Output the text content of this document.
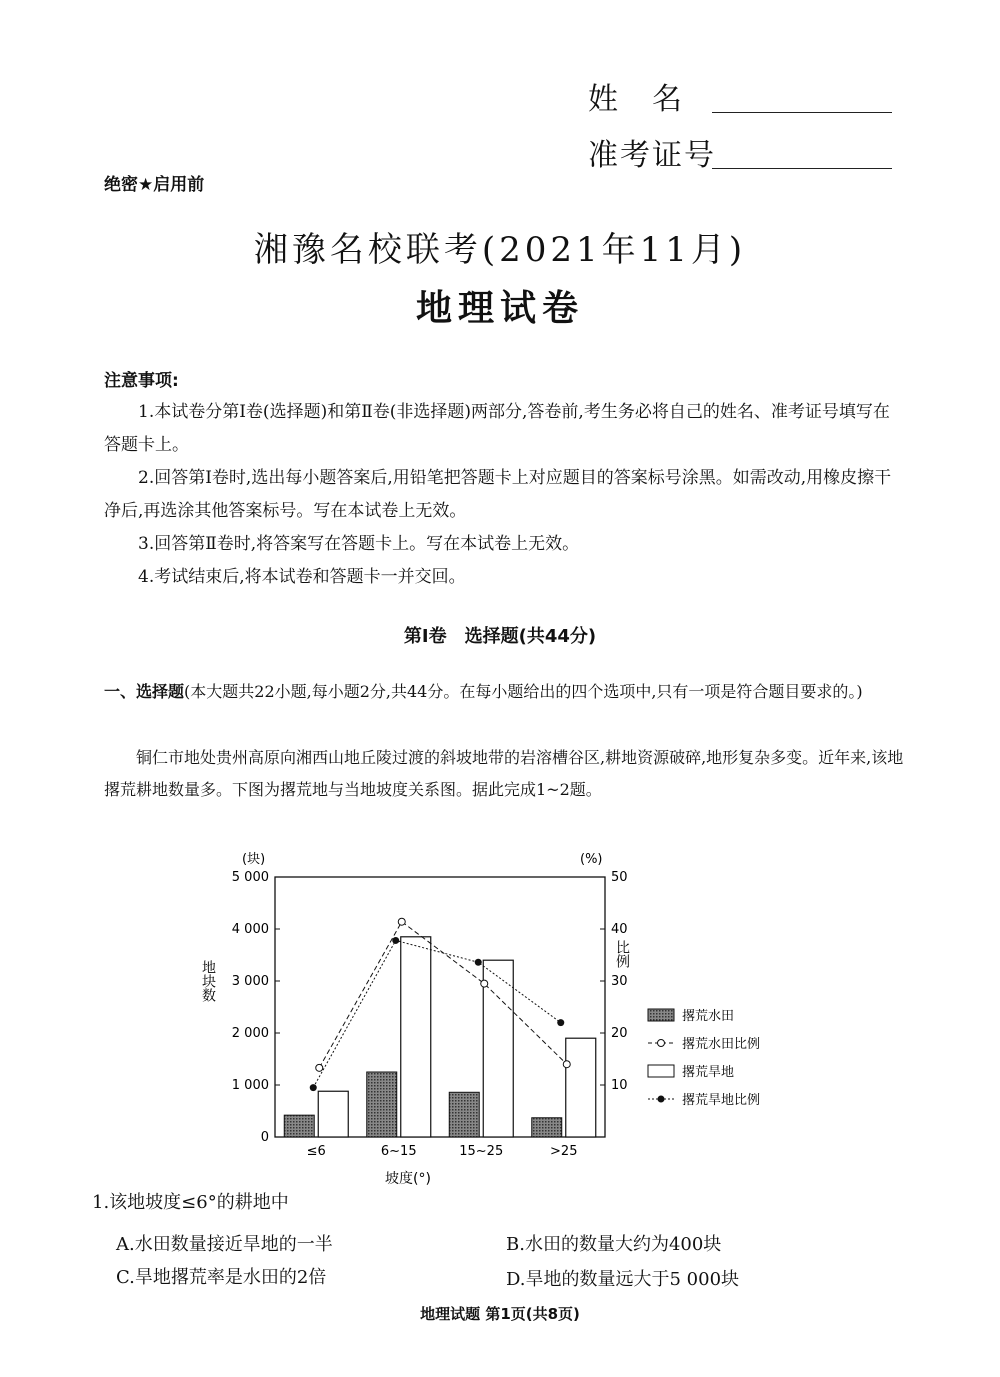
姓　名
准考证号
绝密★启用前
湘豫名校联考(2021年11月)
地理试卷
注意事项:

1.本试卷分第Ⅰ卷(选择题)和第Ⅱ卷(非选择题)两部分,答卷前,考生务必将自己的姓名、准考证号填写在答题卡上。

2.回答第Ⅰ卷时,选出每小题答案后,用铅笔把答题卡上对应题目的答案标号涂黑。如需改动,用橡皮擦干净后,再选涂其他答案标号。写在本试卷上无效。

3.回答第Ⅱ卷时,将答案写在答题卡上。写在本试卷上无效。

4.考试结束后,将本试卷和答题卡一并交回。

第Ⅰ卷　选择题(共44分)
一、选择题(本大题共22小题,每小题2分,共44分。在每小题给出的四个选项中,只有一项是符合题目要求的。)

铜仁市地处贵州高原向湘西山地丘陵过渡的斜坡地带的岩溶槽谷区,耕地资源破碎,地形复杂多变。近年来,该地撂荒耕地数量多。下图为撂荒地与当地坡度关系图。据此完成1~2题。

(块)	(%)
地块数
比例
坡度(°)
0
1 000
2 000
3 000
4 000
5 000
10
20
30
40
50
≤6	6~15	15~25	>25
撂荒水田
撂荒水田比例
撂荒旱地
撂荒旱地比例
1.该地坡度≤6°的耕地中
A.水田数量接近旱地的一半	B.水田的数量大约为400块
C.旱地撂荒率是水田的2倍	D.旱地的数量远大于5 000块
地理试题 第1页(共8页)
